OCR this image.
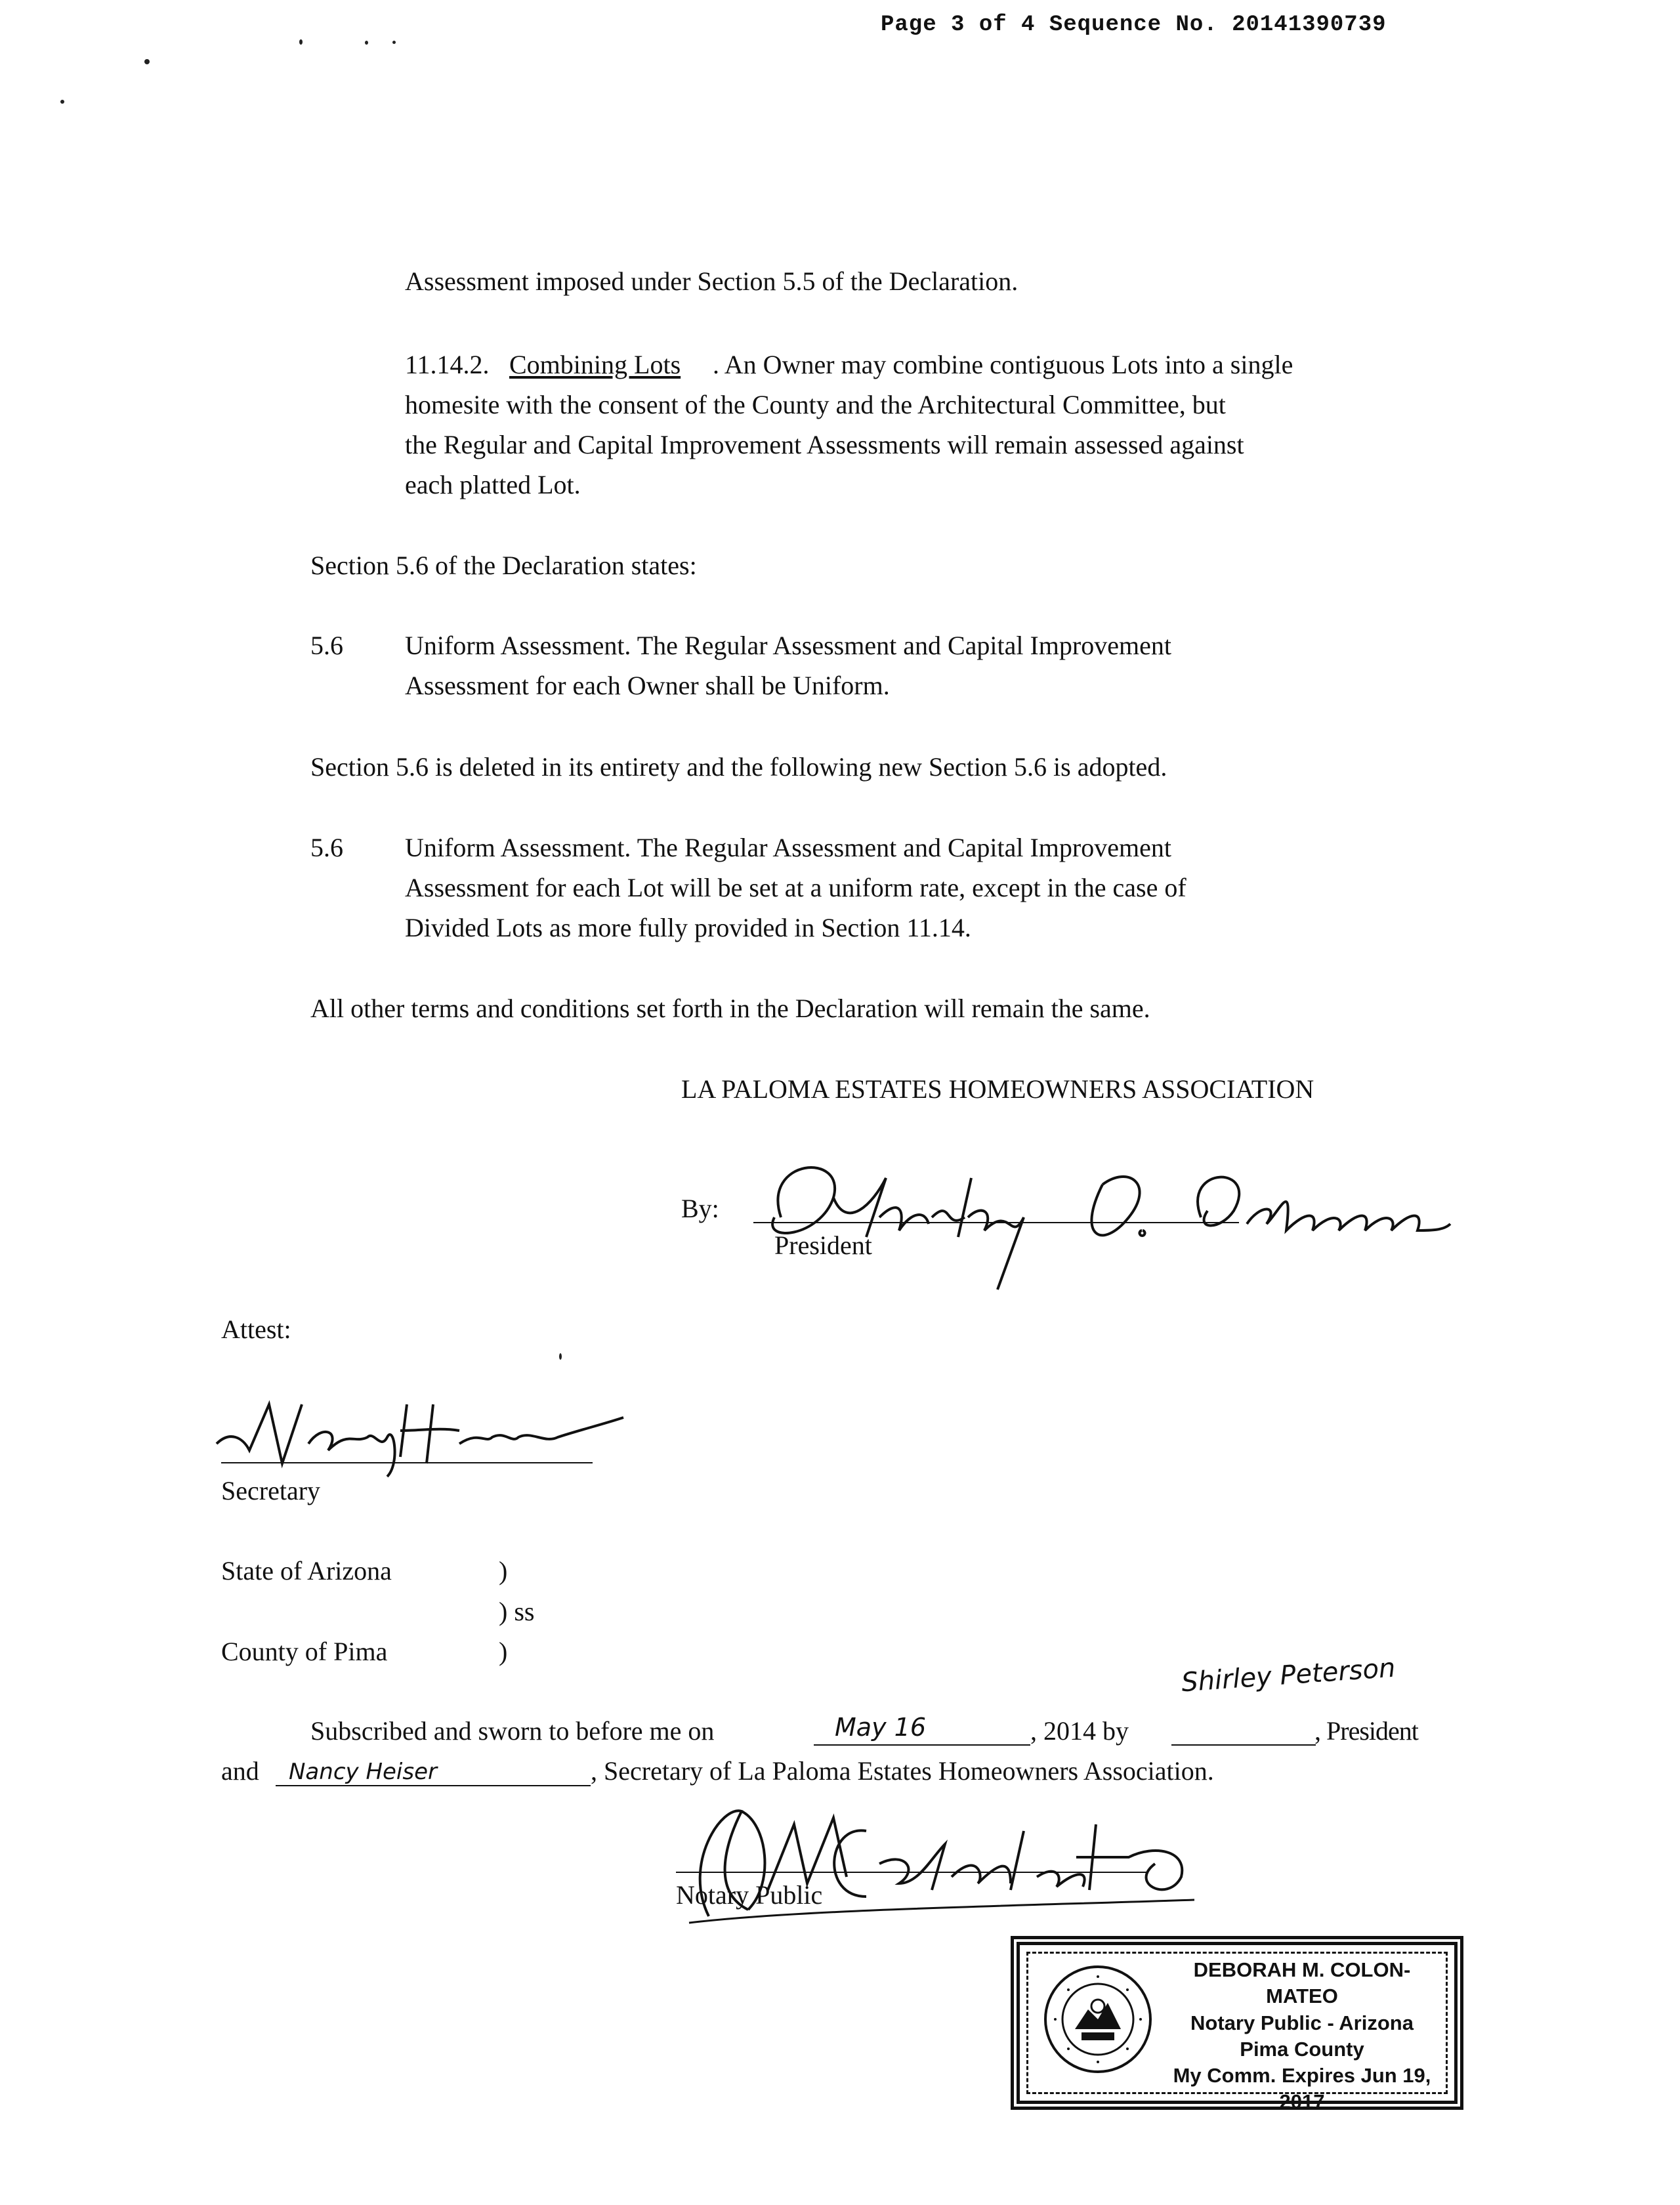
Page 3 of 4 Sequence No. 20141390739
Assessment imposed under Section 5.5 of the Declaration.
11.14.2. Combining Lots . An Owner may combine contiguous Lots into a single
homesite with the consent of the County and the Architectural Committee, but
the Regular and Capital Improvement Assessments will remain assessed against
each platted Lot.
Section 5.6 of the Declaration states:
5.6 Uniform Assessment. The Regular Assessment and Capital Improvement
Assessment for each Owner shall be Uniform.
Section 5.6 is deleted in its entirety and the following new Section 5.6 is adopted.
5.6 Uniform Assessment. The Regular Assessment and Capital Improvement
Assessment for each Lot will be set at a uniform rate, except in the case of
Divided Lots as more fully provided in Section 11.14.
All other terms and conditions set forth in the Declaration will remain the same.
LA PALOMA ESTATES HOMEOWNERS ASSOCIATION
By:
President
Attest:
Secretary
State of Arizona	)
) ss
County of Pima	)
Shirley Peterson
Subscribed and sworn to before me on	May 16	, 2014 by	, President
and Nancy Heiser	, Secretary of La Paloma Estates Homeowners Association.
Notary Public
DEBORAH M. COLON-MATEO
Notary Public - Arizona
Pima County
My Comm. Expires Jun 19, 2017
